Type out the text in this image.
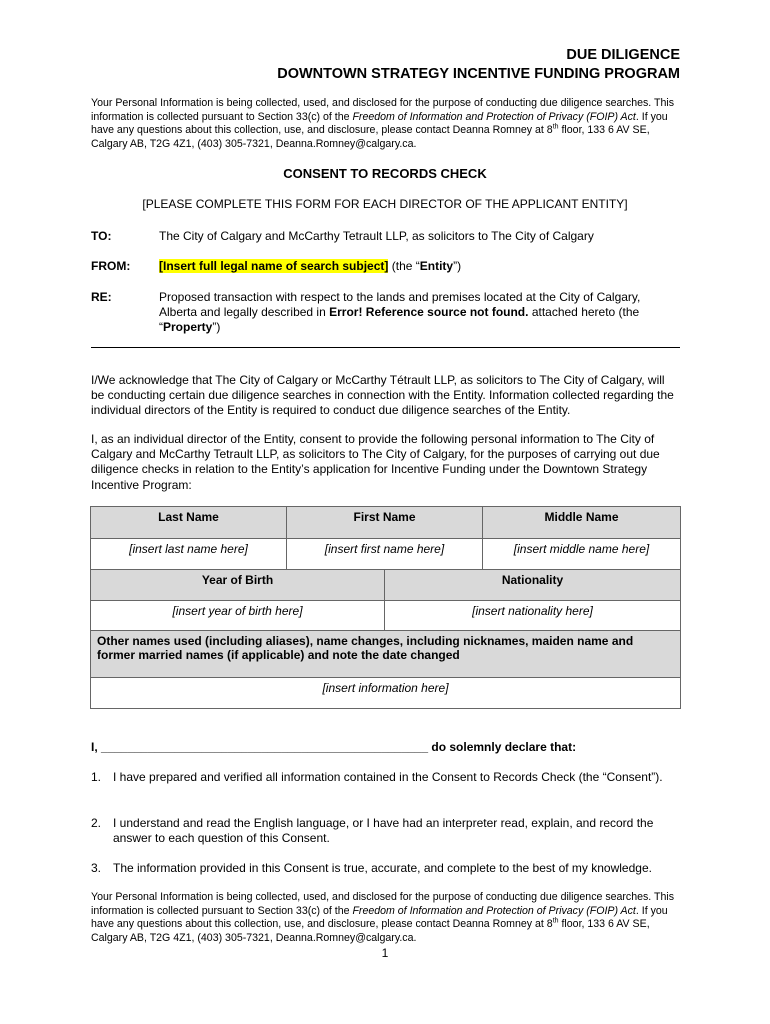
DUE DILIGENCE
DOWNTOWN STRATEGY INCENTIVE FUNDING PROGRAM
Your Personal Information is being collected, used, and disclosed for the purpose of conducting due diligence searches. This information is collected pursuant to Section 33(c) of the Freedom of Information and Protection of Privacy (FOIP) Act. If you have any questions about this collection, use, and disclosure, please contact Deanna Romney at 8th floor, 133 6 AV SE, Calgary AB, T2G 4Z1, (403) 305-7321, Deanna.Romney@calgary.ca.
CONSENT TO RECORDS CHECK
[PLEASE COMPLETE THIS FORM FOR EACH DIRECTOR OF THE APPLICANT ENTITY]
TO:	The City of Calgary and McCarthy Tetrault LLP, as solicitors to The City of Calgary
FROM: [Insert full legal name of search subject] (the “Entity”)
RE:	Proposed transaction with respect to the lands and premises located at the City of Calgary, Alberta and legally described in Error! Reference source not found. attached hereto (the “Property”)
I/We acknowledge that The City of Calgary or McCarthy Tétrault LLP, as solicitors to The City of Calgary, will be conducting certain due diligence searches in connection with the Entity. Information collected regarding the individual directors of the Entity is required to conduct due diligence searches of the Entity.
I, as an individual director of the Entity, consent to provide the following personal information to The City of Calgary and McCarthy Tetrault LLP, as solicitors to The City of Calgary, for the purposes of carrying out due diligence checks in relation to the Entity’s application for Incentive Funding under the Downtown Strategy Incentive Program:
Last Name	First Name		Middle Name
[insert last name here]	[insert first name here]		[insert middle name here]
Year of Birth		Nationality	
[insert year of birth here]		[insert nationality here]	
Other names used (including aliases), name changes, including nicknames, maiden name and former married names (if applicable) and note the date changed			
[insert information here]			
I, _________________________________________________ do solemnly declare that:
1. I have prepared and verified all information contained in the Consent to Records Check (the “Consent”).
2. I understand and read the English language, or I have had an interpreter read, explain, and record the answer to each question of this Consent.
3. The information provided in this Consent is true, accurate, and complete to the best of my knowledge.
Your Personal Information is being collected, used, and disclosed for the purpose of conducting due diligence searches. This information is collected pursuant to Section 33(c) of the Freedom of Information and Protection of Privacy (FOIP) Act. If you have any questions about this collection, use, and disclosure, please contact Deanna Romney at 8th floor, 133 6 AV SE, Calgary AB, T2G 4Z1, (403) 305-7321, Deanna.Romney@calgary.ca.
1
